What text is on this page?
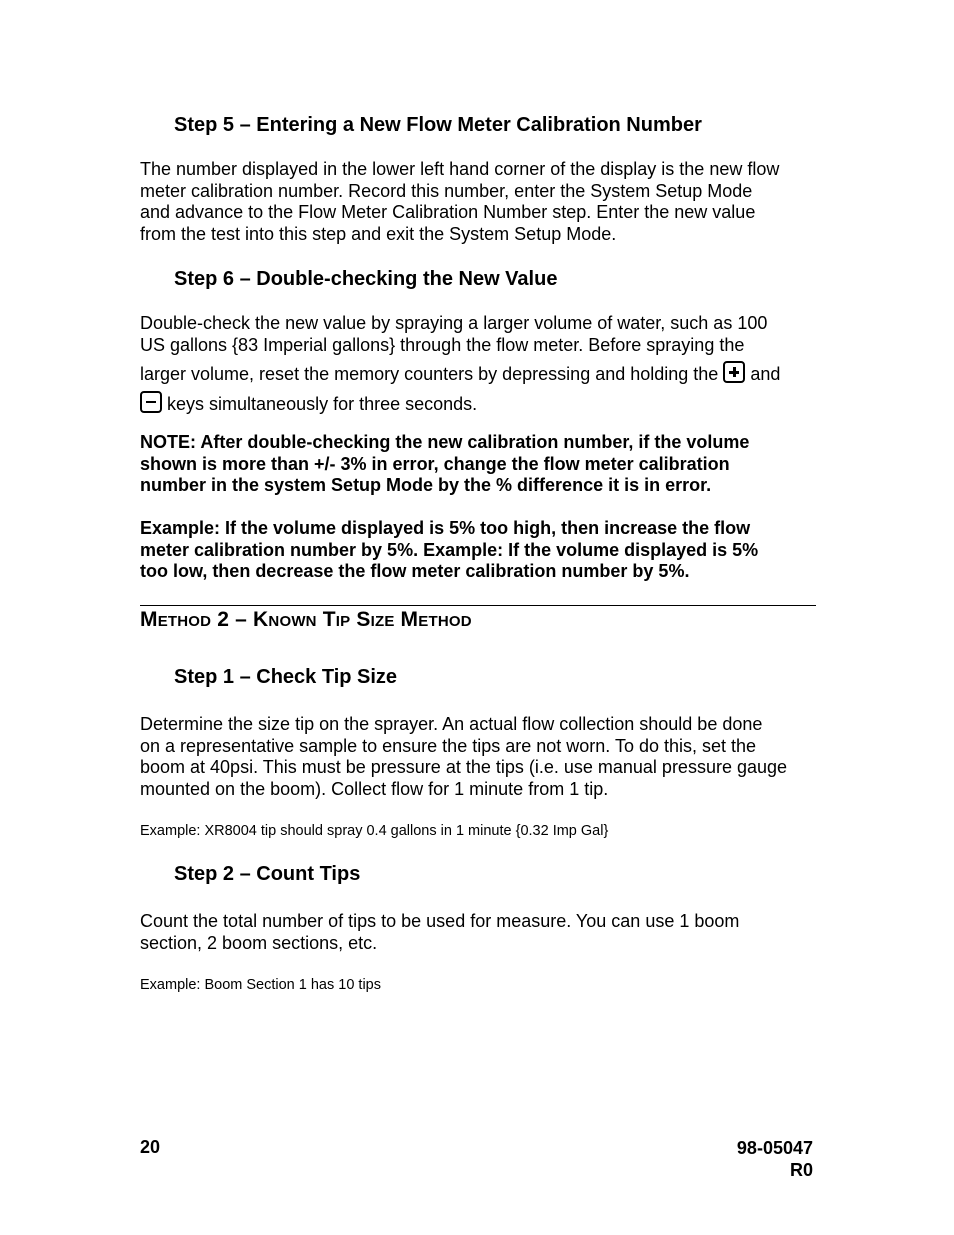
Step 5 – Entering a New Flow Meter Calibration Number

The number displayed in the lower left hand corner of the display is the new flow
meter calibration number. Record this number, enter the System Setup Mode
and advance to the Flow Meter Calibration Number step. Enter the new value
from the test into this step and exit the System Setup Mode.

Step 6 – Double-checking the New Value

Double-check the new value by spraying a larger volume of water, such as 100
US gallons {83 Imperial gallons} through the flow meter. Before spraying the
larger volume, reset the memory counters by depressing and holding the and
keys simultaneously for three seconds.

NOTE: After double-checking the new calibration number, if the volume
shown is more than +/- 3% in error, change the flow meter calibration
number in the system Setup Mode by the % difference it is in error.

Example: If the volume displayed is 5% too high, then increase the flow
meter calibration number by 5%. Example: If the volume displayed is 5%
too low, then decrease the flow meter calibration number by 5%.

Method 2 – Known Tip Size Method
Step 1 – Check Tip Size

Determine the size tip on the sprayer. An actual flow collection should be done
on a representative sample to ensure the tips are not worn. To do this, set the
boom at 40psi. This must be pressure at the tips (i.e. use manual pressure gauge
mounted on the boom). Collect flow for 1 minute from 1 tip.

Example: XR8004 tip should spray 0.4 gallons in 1 minute {0.32 Imp Gal}

Step 2 – Count Tips

Count the total number of tips to be used for measure. You can use 1 boom
section, 2 boom sections, etc.

Example: Boom Section 1 has 10 tips

20	98-05047
R0
